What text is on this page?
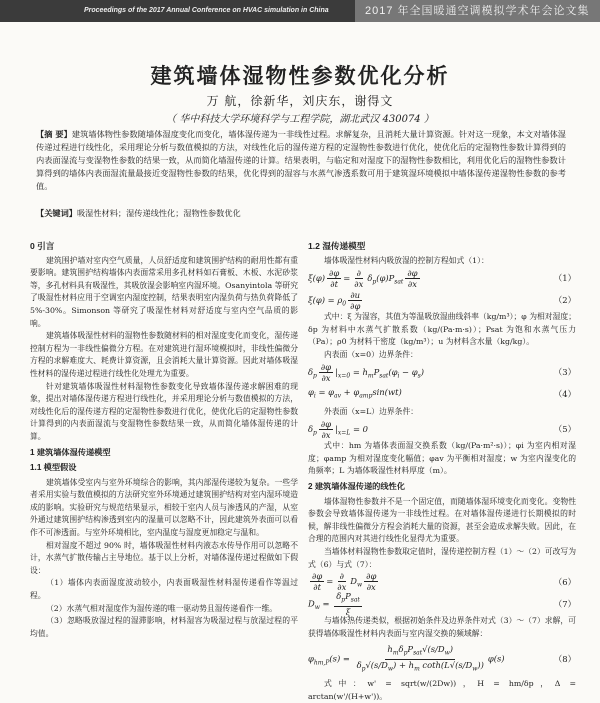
Proceedings of the 2017 Annual Conference on HVAC simulation in China	2017 年全国暖通空调模拟学术年会论文集
建筑墙体湿物性参数优化分析
万 航，徐新华，刘庆东，谢得文
（ 华中科技大学环境科学与工程学院，湖北武汉 430074 ）
【摘 要】建筑墙体物性参数随墙体湿度变化而变化，墙体湿传递为一非线性过程。求解复杂，且消耗大量计算资源。针对这一现象，本文对墙体湿传递过程进行线性化，采用理论分析与数值模拟的方法，对线性化后的湿传递方程的定湿物性参数进行优化，使优化后的定湿物性参数计算得到的内表面湿流与变湿物性参数的结果一致，从而简化墙湿传递的计算。结果表明，与临定和对湿度下的湿物性参数相比，利用优化后的湿物性参数计算得到的墙体内表面湿流量最接近变湿物性参数的结果，优化得到的湿容与水蒸气渗透系数可用于建筑湿环境模拟中墙体湿传递湿物性参数的参考值。
【关键词】吸湿性材料；湿传递线性化；湿物性参数优化
0 引言

建筑围护墙对室内空气质量，人员舒适度和建筑围护结构的耐用性都有重要影响。建筑围护结构墙体内表面常采用多孔材料如石膏板、木板、水泥砂浆等，多孔材料具有吸湿性，其吸放湿会影响室内湿环境。Osanyintola 等研究了吸湿性材料应用于空调室内湿度控制，结果表明室内湿负荷与热负荷降低了 5%-30%。Simonson 等研究了吸湿性材料对舒适度与室内空气品质的影响。

建筑墙体吸湿性材料的湿物性参数随材料的相对湿度变化而变化，湿传递控制方程为一非线性偏微分方程。在对建筑进行湿环境模拟时，非线性偏微分方程的求解难度大、耗费计算资源，且会消耗大量计算资源。因此对墙体吸湿性材料的湿传递过程进行线性化处理尤为重要。

针对建筑墙体吸湿性材料湿物性参数变化导致墙体湿传递求解困难的现象，提出对墙体湿传递方程进行线性化，并采用理论分析与数值模拟的方法，对线性化后的湿传递方程的定湿物性参数进行优化，使优化后的定湿物性参数计算得到的内表面湿流与变湿物性参数结果一致，从而简化墙体湿传递的计算。

1 建筑墙体湿传递模型
1.1 模型假设

建筑墙体受室内与室外环境综合的影响，其内部湿传递较为复杂。一些学者采用实验与数值模拟的方法研究室外环境通过建筑围护结构对室内湿环境造成的影响。实验研究与规范结果显示，相较于室内人员与渗透风的产湿，从室外通过建筑围护结构渗透到室内的湿量可以忽略不计，因此建筑外表面可以看作不可渗透面。与室外环境相比，室内温度与湿度更加稳定与温和。

相对湿度不超过 90% 时，墙体吸湿性材料内液态水传导作用可以忽略不计，水蒸气扩散传输占主导地位。基于以上分析，对墙体湿传递过程做如下假设：

（1）墙体内表面湿度波动较小，内表面吸湿性材料湿传递看作等温过程。

（2）水蒸气相对湿度作为湿传递的唯一驱动势且湿传递看作一维。

（3）忽略吸放湿过程的湿滞影响，材料湿容为吸湿过程与放湿过程的平均值。

1.2 湿传递模型

墙体吸湿性材料内吸放湿的控制方程如式（1）：

$\xi(\varphi) \frac{\partial\varphi}{\partial t} = \frac{\partial}{\partial x} \delta_p(\varphi)P_{sat} \frac{\partial\varphi}{\partial x}$	（1）
$\xi(\varphi) = \rho_0 \frac{\partial u}{\partial\varphi}$	（2）

式中：ξ 为湿容，其值为等温吸放湿曲线斜率（kg/m³）；φ 为相对湿度；δp 为材料中水蒸气扩散系数（kg/(Pa·m·s)）；Psat 为饱和水蒸气压力（Pa）；ρ0 为材料干密度（kg/m³）；u 为材料含水量（kg/kg）。

内表面（x=0）边界条件：

$\delta_p \frac{\partial\varphi}{\partial x} |_{x=0} = h_mP_{sat}(\varphi_i - \varphi_s)$	（3）
$\varphi_i = \varphi_{av} + \varphi_{amp}\sin(wt)$	（4）

外表面（x=L）边界条件：

$\delta_p \frac{\partial\varphi}{\partial x} |_{x=L} = 0$	（5）

式中：hm 为墙体表面湿交换系数（kg/(Pa·m²·s)）；φi 为室内相对湿度；φamp 为相对湿度变化幅值；φav 为平衡相对湿度；w 为室内湿变化的角频率；L 为墙体吸湿性材料厚度（m）。

2 建筑墙体湿传递的线性化

墙体湿物性参数并不是一个固定值，而随墙体湿环境变化而变化。变物性参数会导致墙体湿传递为一非线性过程。在对墙体湿传递进行长期模拟的时候，解非线性偏微分方程会消耗大量的资源，甚至会造成求解失败。因此，在合理的范围内对其进行线性化显得尤为重要。

当墙体材料湿物性参数取定值时，湿传递控制方程（1）～（2）可改写为式（6）与式（7）：

$\frac{\partial\varphi}{\partial t} = \frac{\partial}{\partial x} D_w \frac{\partial\varphi}{\partial x}$	（6）
$D_w = \frac{\delta_pP_{sat}}{\xi}$	（7）

与墙体热传递类似，根据初始条件及边界条件对式（3）～（7）求解，可获得墙体吸湿性材料内表面与室内湿交换的频域解：

$\varphi_{hm,P}(s) = \frac{h_m\delta_pP_{sat}√(s/D_w)}{\delta_p√(s/D_w) + h_m \cot h(L√(s/D_w))} \varphi(s)$	（8）

式中：w' = sqrt(w/(2Dw))，H = hm/δp，Δ = arctan(w'/(H+w'))。
